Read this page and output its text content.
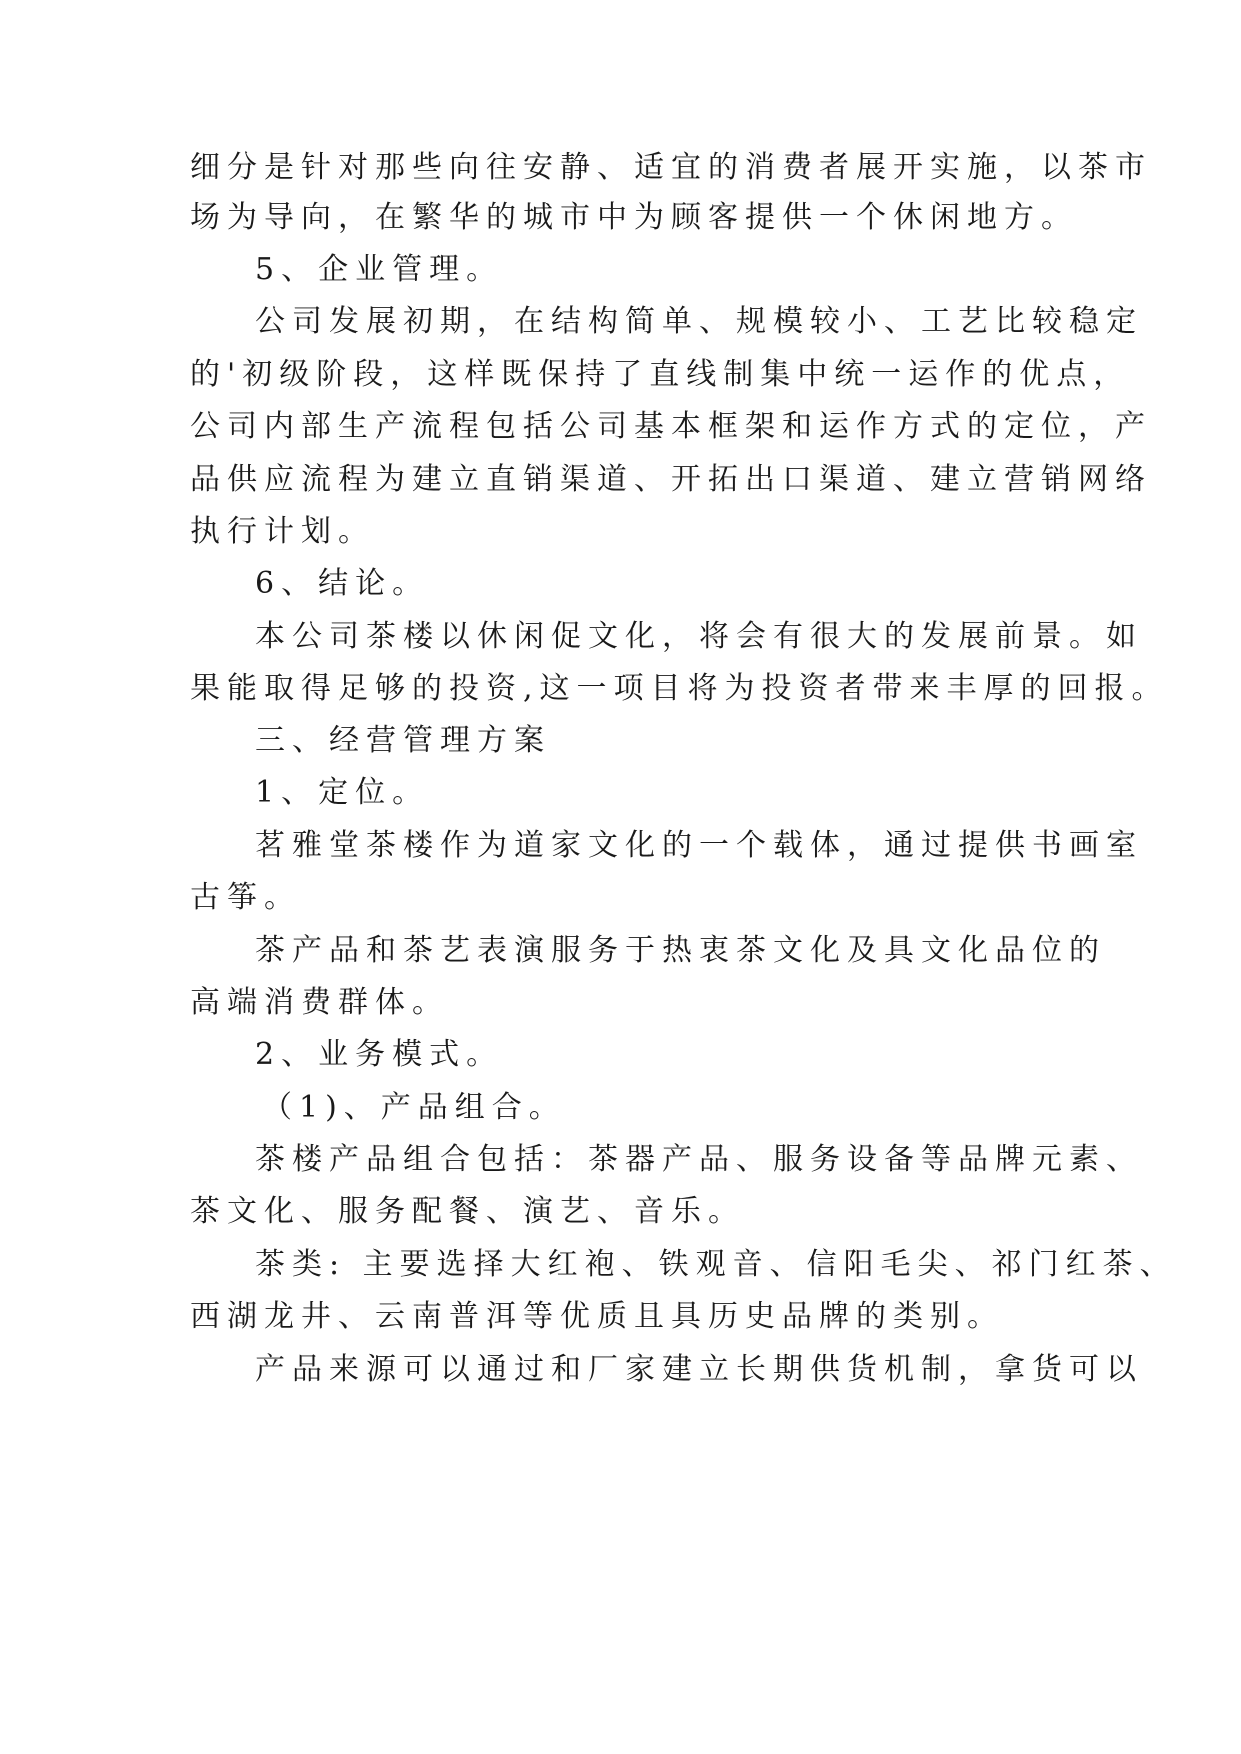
细分是针对那些向往安静、适宜的消费者展开实施，以茶市
场为导向，在繁华的城市中为顾客提供一个休闲地方。
5、企业管理。
公司发展初期，在结构简单、规模较小、工艺比较稳定
的'初级阶段，这样既保持了直线制集中统一运作的优点，
公司内部生产流程包括公司基本框架和运作方式的定位，产
品供应流程为建立直销渠道、开拓出口渠道、建立营销网络
执行计划。
6、结论。
本公司茶楼以休闲促文化，将会有很大的发展前景。如
果能取得足够的投资,这一项目将为投资者带来丰厚的回报。
三、经营管理方案
1、定位。
茗雅堂茶楼作为道家文化的一个载体，通过提供书画室
古筝。
茶产品和茶艺表演服务于热衷茶文化及具文化品位的
高端消费群体。
2、业务模式。
（1)、产品组合。
茶楼产品组合包括：茶器产品、服务设备等品牌元素、
茶文化、服务配餐、演艺、音乐。
茶类: 主要选择大红袍、铁观音、信阳毛尖、祁门红茶、
西湖龙井、云南普洱等优质且具历史品牌的类别。
产品来源可以通过和厂家建立长期供货机制，拿货可以
